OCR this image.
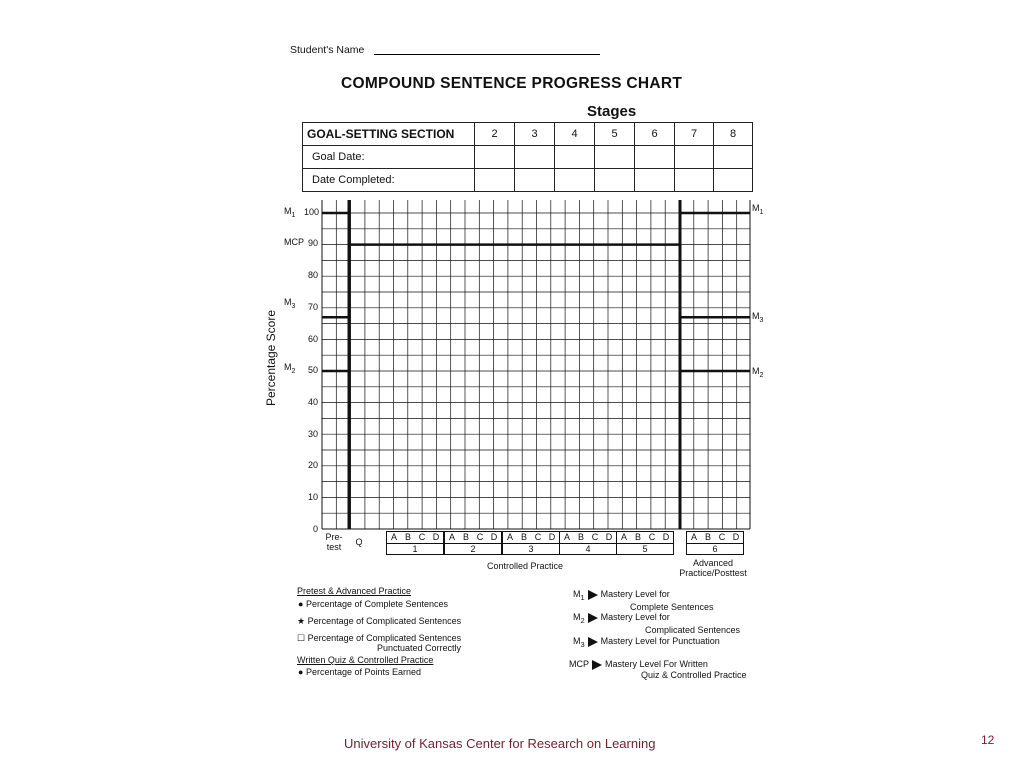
Student's Name
COMPOUND SENTENCE PROGRESS CHART
Stages
GOAL-SETTING SECTION	2	3	4	5	6	7	8
Goal Date:							
Date Completed:							
Percentage Score
100
90
80
70
60
50
40
30
20
10
0
$M_1$
MCP
$M_3$
$M_2$
$M_1$
$M_3$
$M_2$
Pre-
test	Q	A B C D
1
A B C D
2
A B C D
3
A B C D
4
A B C D
5
A B C D
6
Controlled Practice	Advanced
Practice/Posttest
Pretest & Advanced Practice
● Percentage of Complete Sentences
★ Percentage of Complicated Sentences
☐ Percentage of Complicated Sentences
Punctuated Correctly
Written Quiz & Controlled Practice
● Percentage of Points Earned
$M_1$ Mastery Level for
Complete Sentences
$M_2$ Mastery Level for
Complicated Sentences
$M_3$ Mastery Level for Punctuation
MCP Mastery Level For Written
Quiz & Controlled Practice
University of Kansas Center for Research on Learning	12
